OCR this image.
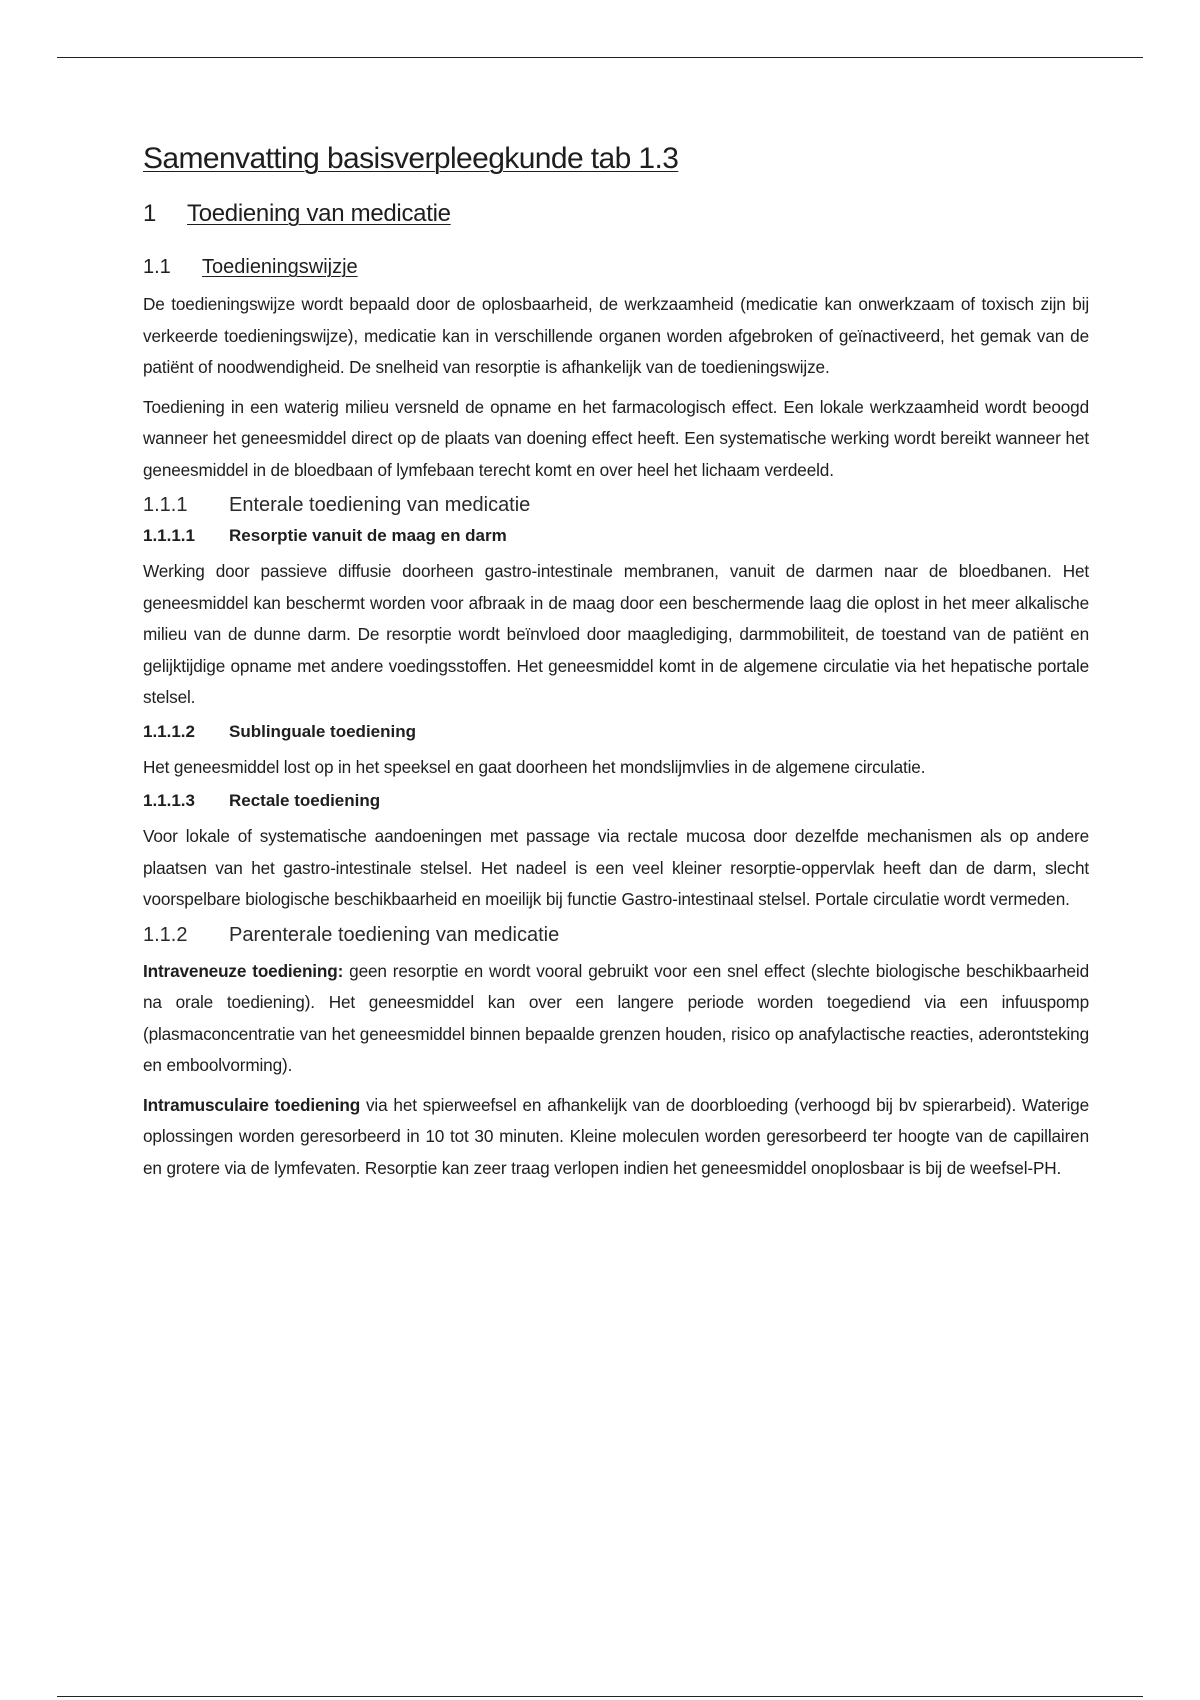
Samenvatting basisverpleegkunde tab 1.3
1	Toediening van medicatie
1.1	Toedieningswijzje

De toedieningswijze wordt bepaald door de oplosbaarheid, de werkzaamheid (medicatie kan onwerkzaam of toxisch zijn bij verkeerde toedieningswijze), medicatie kan in verschillende organen worden afgebroken of geïnactiveerd, het gemak van de patiënt of noodwendigheid. De snelheid van resorptie is afhankelijk van de toedieningswijze.

Toediening in een waterig milieu versneld de opname en het farmacologisch effect. Een lokale werkzaamheid wordt beoogd wanneer het geneesmiddel direct op de plaats van doening effect heeft. Een systematische werking wordt bereikt wanneer het geneesmiddel in de bloedbaan of lymfebaan terecht komt en over heel het lichaam verdeeld.

1.1.1	Enterale toediening van medicatie
1.1.1.1	Resorptie vanuit de maag en darm

Werking door passieve diffusie doorheen gastro-intestinale membranen, vanuit de darmen naar de bloedbanen. Het geneesmiddel kan beschermt worden voor afbraak in de maag door een beschermende laag die oplost in het meer alkalische milieu van de dunne darm. De resorptie wordt beïnvloed door maaglediging, darmmobiliteit, de toestand van de patiënt en gelijktijdige opname met andere voedingsstoffen. Het geneesmiddel komt in de algemene circulatie via het hepatische portale stelsel.

1.1.1.2	Sublinguale toediening

Het geneesmiddel lost op in het speeksel en gaat doorheen het mondslijmvlies in de algemene circulatie.

1.1.1.3	Rectale toediening

Voor lokale of systematische aandoeningen met passage via rectale mucosa door dezelfde mechanismen als op andere plaatsen van het gastro-intestinale stelsel. Het nadeel is een veel kleiner resorptie-oppervlak heeft dan de darm, slecht voorspelbare biologische beschikbaarheid en moeilijk bij functie Gastro-intestinaal stelsel. Portale circulatie wordt vermeden.

1.1.2	Parenterale toediening van medicatie

Intraveneuze toediening: geen resorptie en wordt vooral gebruikt voor een snel effect (slechte biologische beschikbaarheid na orale toediening). Het geneesmiddel kan over een langere periode worden toegediend via een infuuspomp (plasmaconcentratie van het geneesmiddel binnen bepaalde grenzen houden, risico op anafylactische reacties, aderontsteking en emboolvorming).

Intramusculaire toediening via het spierweefsel en afhankelijk van de doorbloeding (verhoogd bij bv spierarbeid). Waterige oplossingen worden geresorbeerd in 10 tot 30 minuten. Kleine moleculen worden geresorbeerd ter hoogte van de capillairen en grotere via de lymfevaten. Resorptie kan zeer traag verlopen indien het geneesmiddel onoplosbaar is bij de weefsel-PH.
